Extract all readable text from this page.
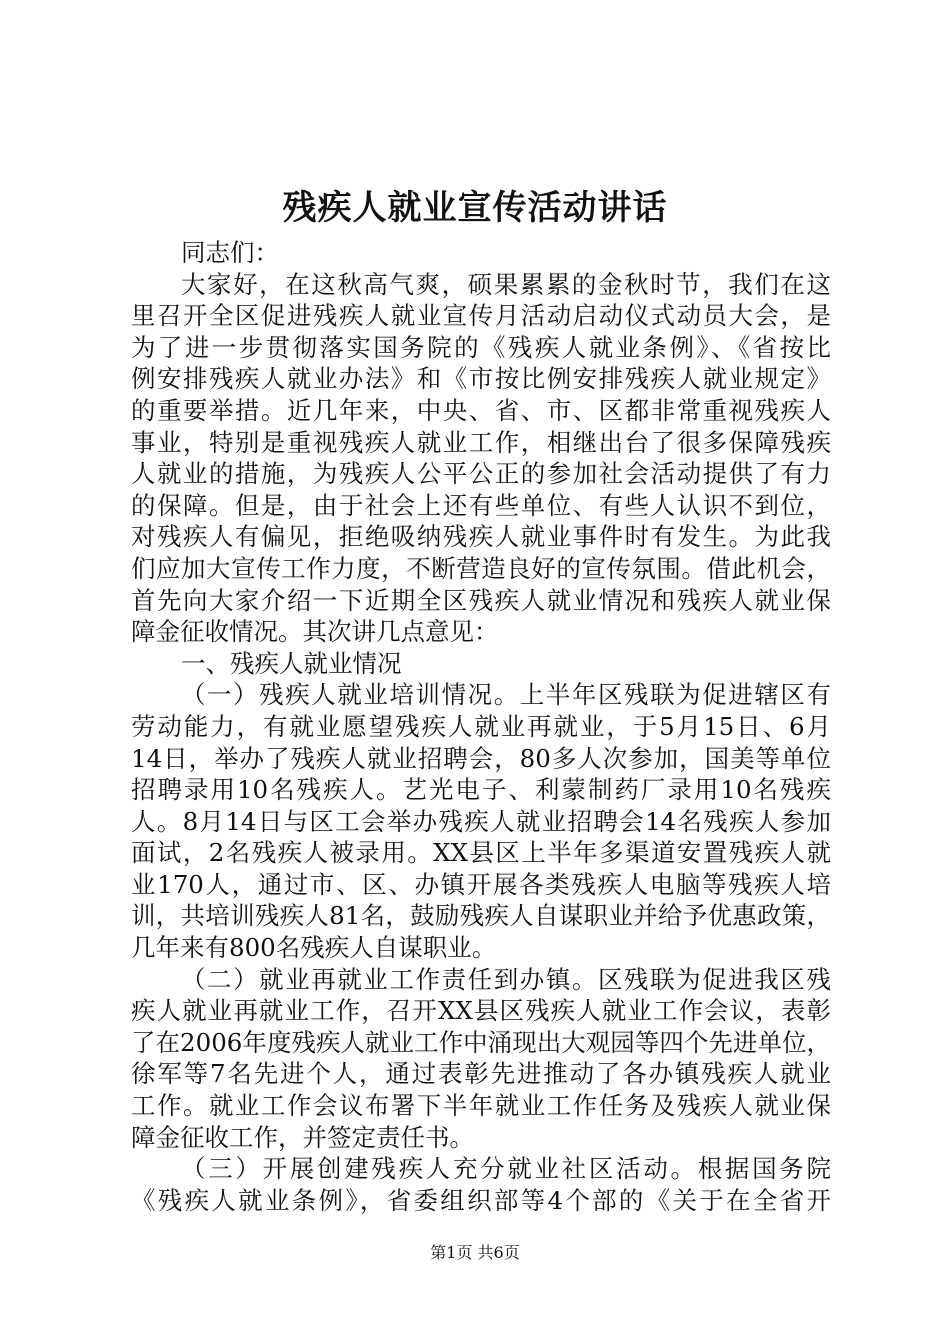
残疾人就业宣传活动讲话
同志们：
大家好，在这秋高气爽，硕果累累的金秋时节，我们在这
里召开全区促进残疾人就业宣传月活动启动仪式动员大会，是
为了进一步贯彻落实国务院的《残疾人就业条例》、《省按比
例安排残疾人就业办法》和《市按比例安排残疾人就业规定》
的重要举措。近几年来，中央、省、市、区都非常重视残疾人
事业，特别是重视残疾人就业工作，相继出台了很多保障残疾
人就业的措施，为残疾人公平公正的参加社会活动提供了有力
的保障。但是，由于社会上还有些单位、有些人认识不到位，
对残疾人有偏见，拒绝吸纳残疾人就业事件时有发生。为此我
们应加大宣传工作力度，不断营造良好的宣传氛围。借此机会，
首先向大家介绍一下近期全区残疾人就业情况和残疾人就业保
障金征收情况。其次讲几点意见：
一、残疾人就业情况
（一）残疾人就业培训情况。上半年区残联为促进辖区有
劳动能力，有就业愿望残疾人就业再就业，于5月15日、6月
14日，举办了残疾人就业招聘会，80多人次参加，国美等单位
招聘录用10名残疾人。艺光电子、利蒙制药厂录用10名残疾
人。8月14日与区工会举办残疾人就业招聘会14名残疾人参加
面试，2名残疾人被录用。XX县区上半年多渠道安置残疾人就
业170人，通过市、区、办镇开展各类残疾人电脑等残疾人培
训，共培训残疾人81名，鼓励残疾人自谋职业并给予优惠政策，
几年来有800名残疾人自谋职业。
（二）就业再就业工作责任到办镇。区残联为促进我区残
疾人就业再就业工作，召开XX县区残疾人就业工作会议，表彰
了在2006年度残疾人就业工作中涌现出大观园等四个先进单位，
徐军等7名先进个人，通过表彰先进推动了各办镇残疾人就业
工作。就业工作会议布署下半年就业工作任务及残疾人就业保
障金征收工作，并签定责任书。
（三）开展创建残疾人充分就业社区活动。根据国务院
《残疾人就业条例》，省委组织部等4个部的《关于在全省开
第1页 共6页
